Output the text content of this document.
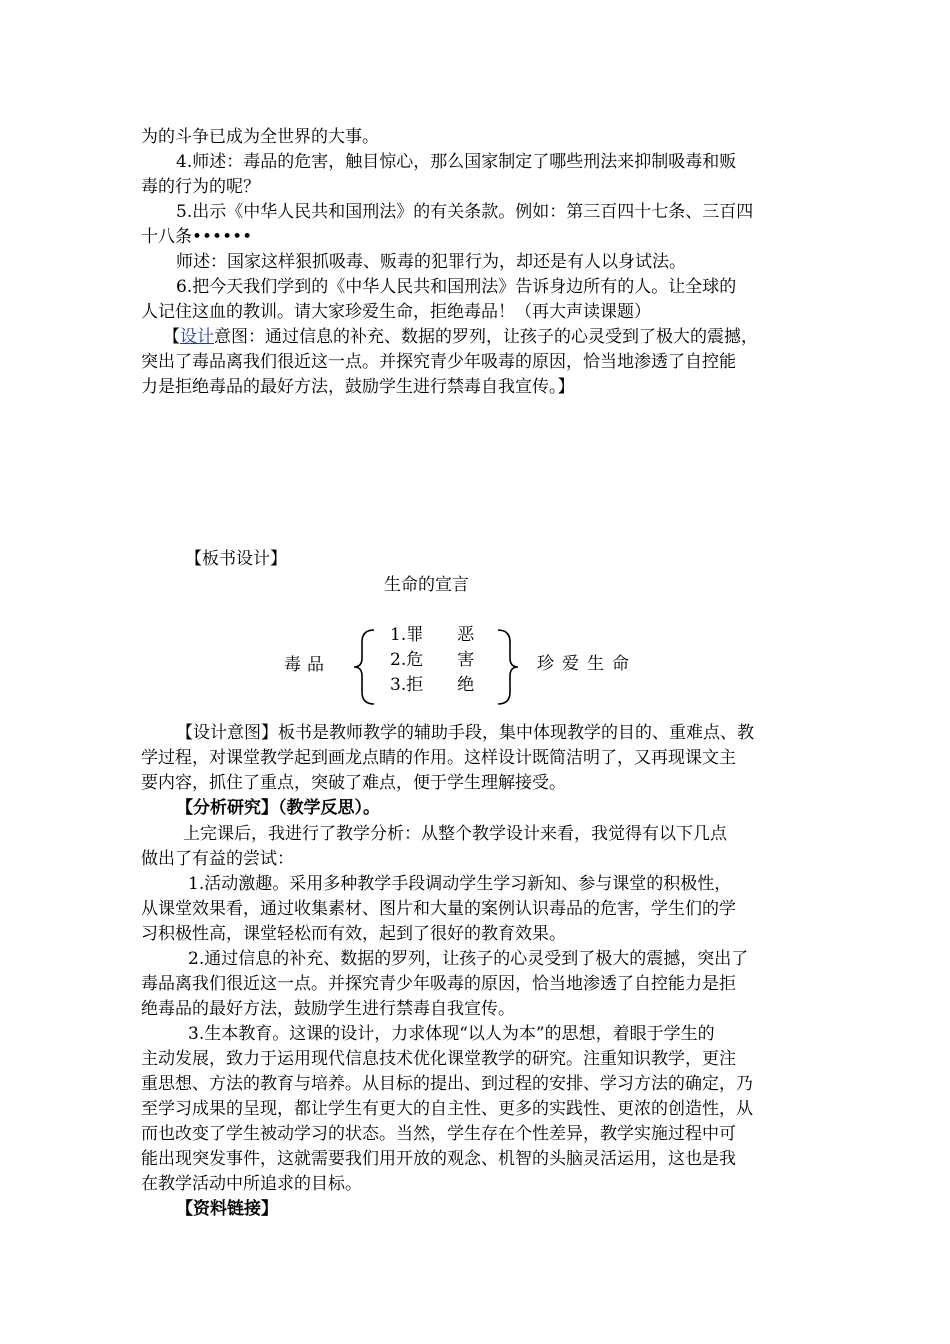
为的斗争已成为全世界的大事。
4.师述：毒品的危害，触目惊心，那么国家制定了哪些刑法来抑制吸毒和贩
毒的行为的呢？
5.出示《中华人民共和国刑法》的有关条款。例如：第三百四十七条、三百四
十八条••••••
师述：国家这样狠抓吸毒、贩毒的犯罪行为，却还是有人以身试法。
6.把今天我们学到的《中华人民共和国刑法》告诉身边所有的人。让全球的
人记住这血的教训。请大家珍爱生命，拒绝毒品！（再大声读课题）
【设计意图：通过信息的补充、数据的罗列，让孩子的心灵受到了极大的震撼，
突出了毒品离我们很近这一点。并探究青少年吸毒的原因，恰当地渗透了自控能
力是拒绝毒品的最好方法，鼓励学生进行禁毒自我宣传。】
【板书设计】
生命的宣言
毒品
1.罪　　恶
2.危　　害
3.拒　　绝
珍爱生命
【设计意图】板书是教师教学的辅助手段，集中体现教学的目的、重难点、教
学过程，对课堂教学起到画龙点睛的作用。这样设计既简洁明了，又再现课文主
要内容，抓住了重点，突破了难点，便于学生理解接受。
【分析研究】（教学反思）。
上完课后，我进行了教学分析：从整个教学设计来看，我觉得有以下几点
做出了有益的尝试：
1.活动激趣。采用多种教学手段调动学生学习新知、参与课堂的积极性，
从课堂效果看，通过收集素材、图片和大量的案例认识毒品的危害，学生们的学
习积极性高，课堂轻松而有效，起到了很好的教育效果。
2.通过信息的补充、数据的罗列，让孩子的心灵受到了极大的震撼，突出了
毒品离我们很近这一点。并探究青少年吸毒的原因，恰当地渗透了自控能力是拒
绝毒品的最好方法，鼓励学生进行禁毒自我宣传。
3.生本教育。这课的设计，力求体现“以人为本”的思想，着眼于学生的
主动发展，致力于运用现代信息技术优化课堂教学的研究。注重知识教学，更注
重思想、方法的教育与培养。从目标的提出、到过程的安排、学习方法的确定，乃
至学习成果的呈现，都让学生有更大的自主性、更多的实践性、更浓的创造性，从
而也改变了学生被动学习的状态。当然，学生存在个性差异，教学实施过程中可
能出现突发事件，这就需要我们用开放的观念、机智的头脑灵活运用，这也是我
在教学活动中所追求的目标。
【资料链接】
